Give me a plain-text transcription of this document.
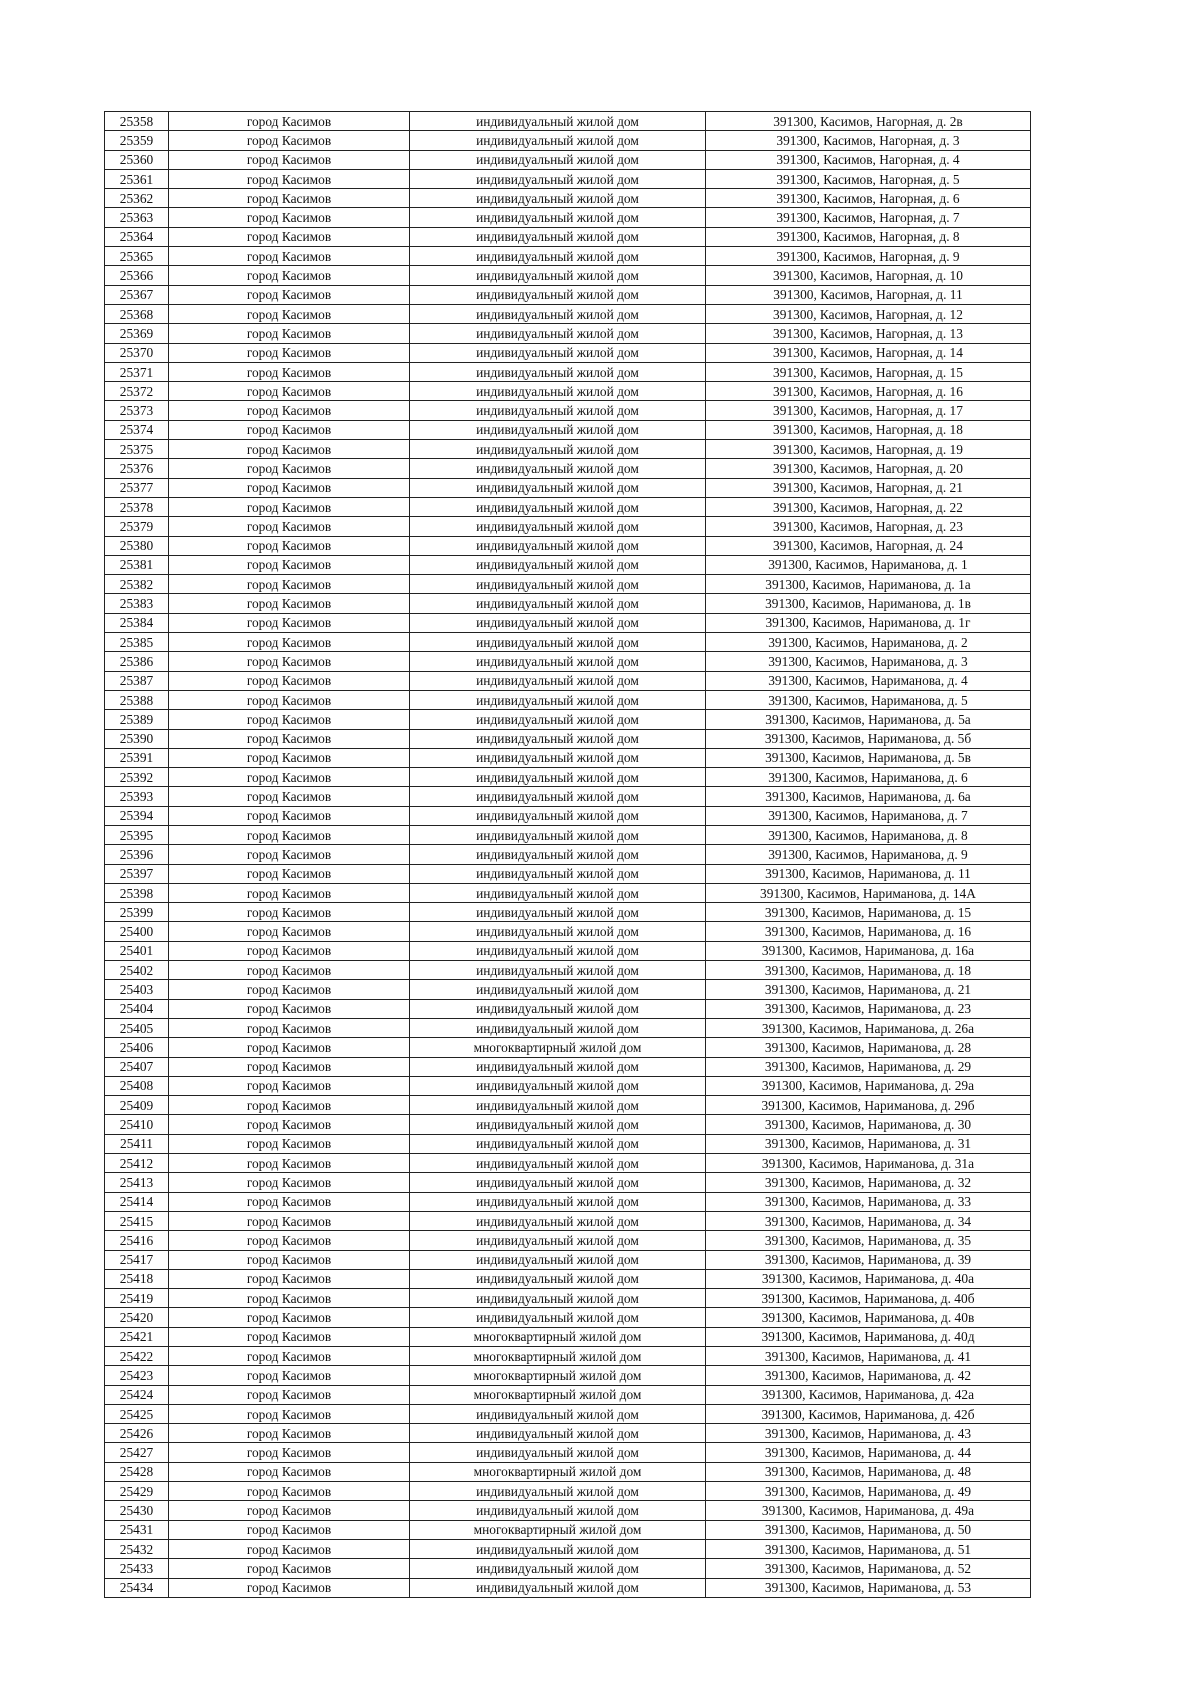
25358	город Касимов	индивидуальный жилой дом	391300, Касимов, Нагорная, д. 2в
25359	город Касимов	индивидуальный жилой дом	391300, Касимов, Нагорная, д. 3
25360	город Касимов	индивидуальный жилой дом	391300, Касимов, Нагорная, д. 4
25361	город Касимов	индивидуальный жилой дом	391300, Касимов, Нагорная, д. 5
25362	город Касимов	индивидуальный жилой дом	391300, Касимов, Нагорная, д. 6
25363	город Касимов	индивидуальный жилой дом	391300, Касимов, Нагорная, д. 7
25364	город Касимов	индивидуальный жилой дом	391300, Касимов, Нагорная, д. 8
25365	город Касимов	индивидуальный жилой дом	391300, Касимов, Нагорная, д. 9
25366	город Касимов	индивидуальный жилой дом	391300, Касимов, Нагорная, д. 10
25367	город Касимов	индивидуальный жилой дом	391300, Касимов, Нагорная, д. 11
25368	город Касимов	индивидуальный жилой дом	391300, Касимов, Нагорная, д. 12
25369	город Касимов	индивидуальный жилой дом	391300, Касимов, Нагорная, д. 13
25370	город Касимов	индивидуальный жилой дом	391300, Касимов, Нагорная, д. 14
25371	город Касимов	индивидуальный жилой дом	391300, Касимов, Нагорная, д. 15
25372	город Касимов	индивидуальный жилой дом	391300, Касимов, Нагорная, д. 16
25373	город Касимов	индивидуальный жилой дом	391300, Касимов, Нагорная, д. 17
25374	город Касимов	индивидуальный жилой дом	391300, Касимов, Нагорная, д. 18
25375	город Касимов	индивидуальный жилой дом	391300, Касимов, Нагорная, д. 19
25376	город Касимов	индивидуальный жилой дом	391300, Касимов, Нагорная, д. 20
25377	город Касимов	индивидуальный жилой дом	391300, Касимов, Нагорная, д. 21
25378	город Касимов	индивидуальный жилой дом	391300, Касимов, Нагорная, д. 22
25379	город Касимов	индивидуальный жилой дом	391300, Касимов, Нагорная, д. 23
25380	город Касимов	индивидуальный жилой дом	391300, Касимов, Нагорная, д. 24
25381	город Касимов	индивидуальный жилой дом	391300, Касимов, Нариманова, д. 1
25382	город Касимов	индивидуальный жилой дом	391300, Касимов, Нариманова, д. 1а
25383	город Касимов	индивидуальный жилой дом	391300, Касимов, Нариманова, д. 1в
25384	город Касимов	индивидуальный жилой дом	391300, Касимов, Нариманова, д. 1г
25385	город Касимов	индивидуальный жилой дом	391300, Касимов, Нариманова, д. 2
25386	город Касимов	индивидуальный жилой дом	391300, Касимов, Нариманова, д. 3
25387	город Касимов	индивидуальный жилой дом	391300, Касимов, Нариманова, д. 4
25388	город Касимов	индивидуальный жилой дом	391300, Касимов, Нариманова, д. 5
25389	город Касимов	индивидуальный жилой дом	391300, Касимов, Нариманова, д. 5а
25390	город Касимов	индивидуальный жилой дом	391300, Касимов, Нариманова, д. 5б
25391	город Касимов	индивидуальный жилой дом	391300, Касимов, Нариманова, д. 5в
25392	город Касимов	индивидуальный жилой дом	391300, Касимов, Нариманова, д. 6
25393	город Касимов	индивидуальный жилой дом	391300, Касимов, Нариманова, д. 6а
25394	город Касимов	индивидуальный жилой дом	391300, Касимов, Нариманова, д. 7
25395	город Касимов	индивидуальный жилой дом	391300, Касимов, Нариманова, д. 8
25396	город Касимов	индивидуальный жилой дом	391300, Касимов, Нариманова, д. 9
25397	город Касимов	индивидуальный жилой дом	391300, Касимов, Нариманова, д. 11
25398	город Касимов	индивидуальный жилой дом	391300, Касимов, Нариманова, д. 14А
25399	город Касимов	индивидуальный жилой дом	391300, Касимов, Нариманова, д. 15
25400	город Касимов	индивидуальный жилой дом	391300, Касимов, Нариманова, д. 16
25401	город Касимов	индивидуальный жилой дом	391300, Касимов, Нариманова, д. 16а
25402	город Касимов	индивидуальный жилой дом	391300, Касимов, Нариманова, д. 18
25403	город Касимов	индивидуальный жилой дом	391300, Касимов, Нариманова, д. 21
25404	город Касимов	индивидуальный жилой дом	391300, Касимов, Нариманова, д. 23
25405	город Касимов	индивидуальный жилой дом	391300, Касимов, Нариманова, д. 26а
25406	город Касимов	многоквартирный жилой дом	391300, Касимов, Нариманова, д. 28
25407	город Касимов	индивидуальный жилой дом	391300, Касимов, Нариманова, д. 29
25408	город Касимов	индивидуальный жилой дом	391300, Касимов, Нариманова, д. 29а
25409	город Касимов	индивидуальный жилой дом	391300, Касимов, Нариманова, д. 29б
25410	город Касимов	индивидуальный жилой дом	391300, Касимов, Нариманова, д. 30
25411	город Касимов	индивидуальный жилой дом	391300, Касимов, Нариманова, д. 31
25412	город Касимов	индивидуальный жилой дом	391300, Касимов, Нариманова, д. 31а
25413	город Касимов	индивидуальный жилой дом	391300, Касимов, Нариманова, д. 32
25414	город Касимов	индивидуальный жилой дом	391300, Касимов, Нариманова, д. 33
25415	город Касимов	индивидуальный жилой дом	391300, Касимов, Нариманова, д. 34
25416	город Касимов	индивидуальный жилой дом	391300, Касимов, Нариманова, д. 35
25417	город Касимов	индивидуальный жилой дом	391300, Касимов, Нариманова, д. 39
25418	город Касимов	индивидуальный жилой дом	391300, Касимов, Нариманова, д. 40а
25419	город Касимов	индивидуальный жилой дом	391300, Касимов, Нариманова, д. 40б
25420	город Касимов	индивидуальный жилой дом	391300, Касимов, Нариманова, д. 40в
25421	город Касимов	многоквартирный жилой дом	391300, Касимов, Нариманова, д. 40д
25422	город Касимов	многоквартирный жилой дом	391300, Касимов, Нариманова, д. 41
25423	город Касимов	многоквартирный жилой дом	391300, Касимов, Нариманова, д. 42
25424	город Касимов	многоквартирный жилой дом	391300, Касимов, Нариманова, д. 42а
25425	город Касимов	индивидуальный жилой дом	391300, Касимов, Нариманова, д. 42б
25426	город Касимов	индивидуальный жилой дом	391300, Касимов, Нариманова, д. 43
25427	город Касимов	индивидуальный жилой дом	391300, Касимов, Нариманова, д. 44
25428	город Касимов	многоквартирный жилой дом	391300, Касимов, Нариманова, д. 48
25429	город Касимов	индивидуальный жилой дом	391300, Касимов, Нариманова, д. 49
25430	город Касимов	индивидуальный жилой дом	391300, Касимов, Нариманова, д. 49а
25431	город Касимов	многоквартирный жилой дом	391300, Касимов, Нариманова, д. 50
25432	город Касимов	индивидуальный жилой дом	391300, Касимов, Нариманова, д. 51
25433	город Касимов	индивидуальный жилой дом	391300, Касимов, Нариманова, д. 52
25434	город Касимов	индивидуальный жилой дом	391300, Касимов, Нариманова, д. 53
